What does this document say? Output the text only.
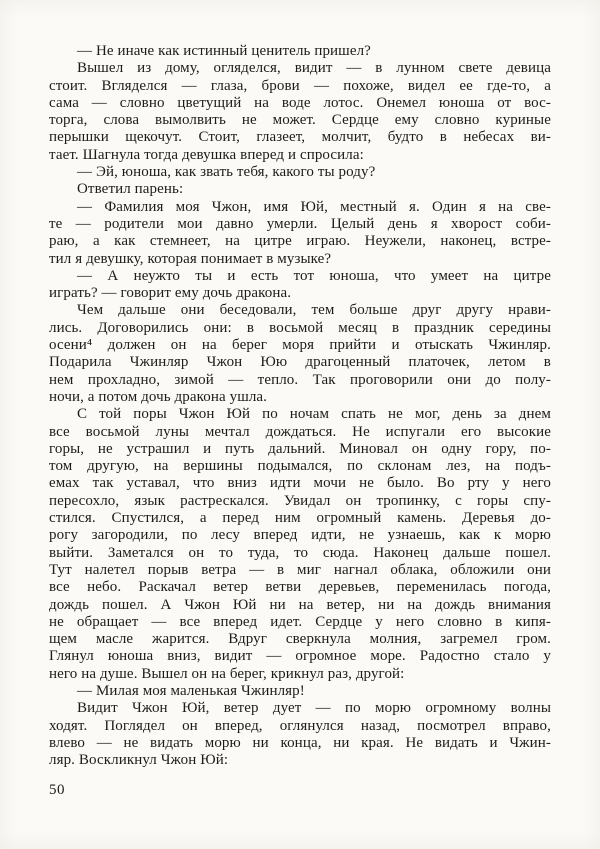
— Не иначе как истинный ценитель пришел?

Вышел из дому, огляделся, видит — в лунном свете девица
стоит. Вгляделся — глаза, брови — похоже, видел ее где-то, а
сама — словно цветущий на воде лотос. Онемел юноша от вос-
торга, слова вымолвить не может. Сердце ему словно куриные
перышки щекочут. Стоит, глазеет, молчит, будто в небесах ви-
тает. Шагнула тогда девушка вперед и спросила:

— Эй, юноша, как звать тебя, какого ты роду?

Ответил парень:

— Фамилия моя Чжон, имя Юй, местный я. Один я на све-
те — родители мои давно умерли. Целый день я хворост соби-
раю, а как стемнеет, на цитре играю. Неужели, наконец, встре-
тил я девушку, которая понимает в музыке?

— А неужто ты и есть тот юноша, что умеет на цитре
играть? — говорит ему дочь дракона.

Чем дальше они беседовали, тем больше друг другу нрави-
лись. Договорились они: в восьмой месяц в праздник середины
осени⁴ должен он на берег моря прийти и отыскать Чжинляр.
Подарила Чжинляр Чжон Юю драгоценный платочек, летом в
нем прохладно, зимой — тепло. Так проговорили они до полу-
ночи, а потом дочь дракона ушла.

С той поры Чжон Юй по ночам спать не мог, день за днем
все восьмой луны мечтал дождаться. Не испугали его высокие
горы, не устрашил и путь дальний. Миновал он одну гору, по-
том другую, на вершины подымался, по склонам лез, на подъ-
емах так уставал, что вниз идти мочи не было. Во рту у него
пересохло, язык растрескался. Увидал он тропинку, с горы спу-
стился. Спустился, а перед ним огромный камень. Деревья до-
рогу загородили, по лесу вперед идти, не узнаешь, как к морю
выйти. Заметался он то туда, то сюда. Наконец дальше пошел.
Тут налетел порыв ветра — в миг нагнал облака, обложили они
все небо. Раскачал ветер ветви деревьев, переменилась погода,
дождь пошел. А Чжон Юй ни на ветер, ни на дождь внимания
не обращает — все вперед идет. Сердце у него словно в кипя-
щем масле жарится. Вдруг сверкнула молния, загремел гром.
Глянул юноша вниз, видит — огромное море. Радостно стало у
него на душе. Вышел он на берег, крикнул раз, другой:

— Милая моя маленькая Чжинляр!

Видит Чжон Юй, ветер дует — по морю огромному волны
ходят. Поглядел он вперед, оглянулся назад, посмотрел вправо,
влево — не видать морю ни конца, ни края. Не видать и Чжин-
ляр. Воскликнул Чжон Юй:

50
